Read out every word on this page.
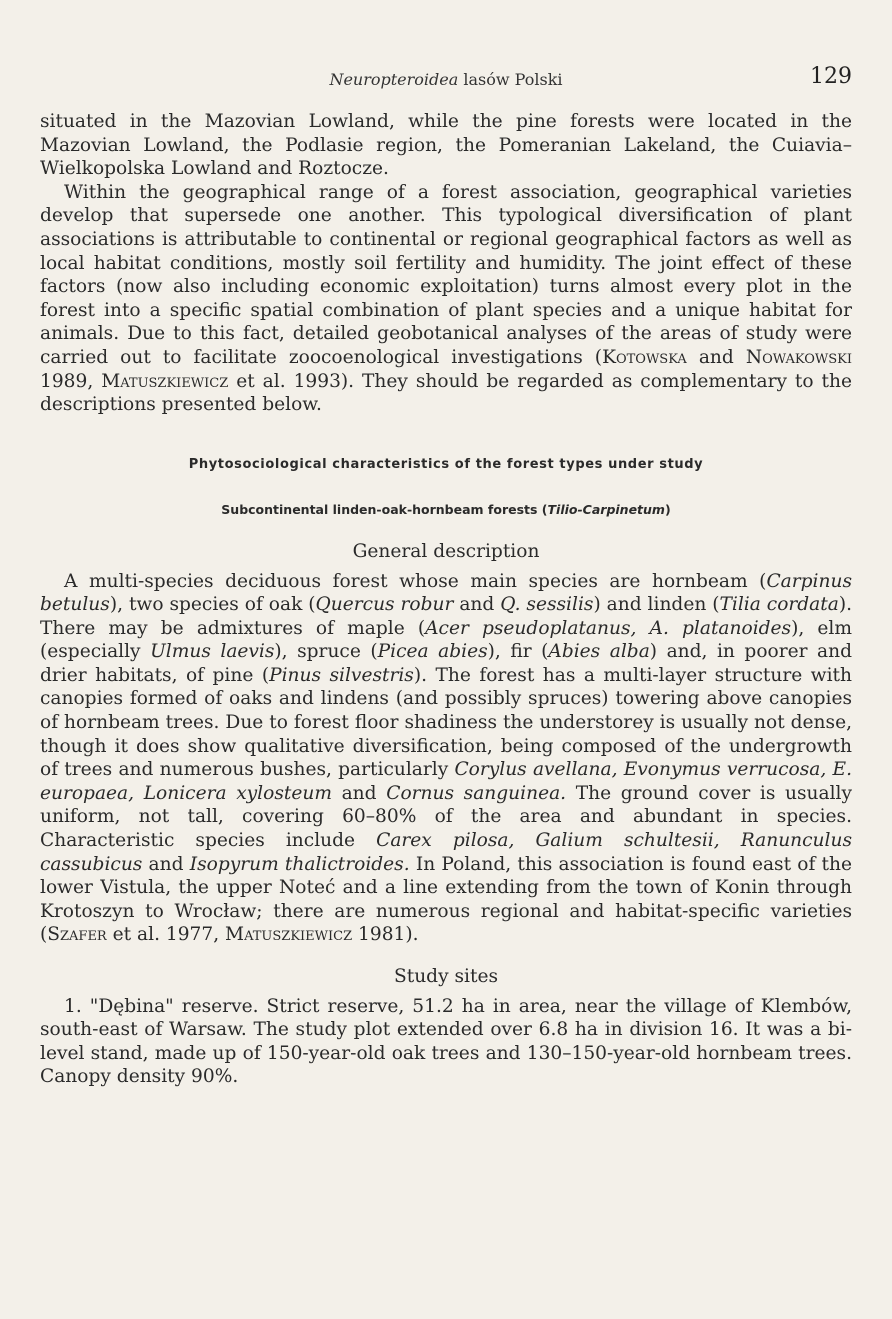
Neuropteroidea lasów Polski	129

situated in the Mazovian Lowland, while the pine forests were located in the Mazovian Lowland, the Podlasie region, the Pomeranian Lakeland, the Cuiavia–Wielkopolska Lowland and Roztocze.

Within the geographical range of a forest association, geographical varieties develop that supersede one another. This typological diversification of plant associations is attributable to continental or regional geographical factors as well as local habitat conditions, mostly soil fertility and humidity. The joint effect of these factors (now also including economic exploitation) turns almost every plot in the forest into a specific spatial combination of plant species and a unique habitat for animals. Due to this fact, detailed geobotanical analyses of the areas of study were carried out to facilitate zoocoenological investigations (Kotowska and Nowakowski 1989, Matuszkiewicz et al. 1993). They should be regarded as complementary to the descriptions presented below.

Phytosociological characteristics of the forest types under study
Subcontinental linden-oak-hornbeam forests (Tilio-Carpinetum)
General description

A multi-species deciduous forest whose main species are hornbeam (Carpinus betulus), two species of oak (Quercus robur and Q. sessilis) and linden (Tilia cordata). There may be admixtures of maple (Acer pseudoplatanus, A. platanoides), elm (especially Ulmus laevis), spruce (Picea abies), fir (Abies alba) and, in poorer and drier habitats, of pine (Pinus silvestris). The forest has a multi-layer structure with canopies formed of oaks and lindens (and possibly spruces) towering above canopies of hornbeam trees. Due to forest floor shadiness the understorey is usually not dense, though it does show qualitative diversification, being composed of the undergrowth of trees and numerous bushes, particularly Corylus avellana, Evonymus verrucosa, E. europaea, Lonicera xylosteum and Cornus sanguinea. The ground cover is usually uniform, not tall, covering 60–80% of the area and abundant in species. Characteristic species include Carex pilosa, Galium schultesii, Ranunculus cassubicus and Isopyrum thalictroides. In Poland, this association is found east of the lower Vistula, the upper Noteć and a line extending from the town of Konin through Krotoszyn to Wrocław; there are numerous regional and habitat-specific varieties (Szafer et al. 1977, Matuszkiewicz 1981).

Study sites

1. "Dębina" reserve. Strict reserve, 51.2 ha in area, near the village of Klembów, south-east of Warsaw. The study plot extended over 6.8 ha in division 16. It was a bi-level stand, made up of 150-year-old oak trees and 130–150-year-old hornbeam trees. Canopy density 90%.
